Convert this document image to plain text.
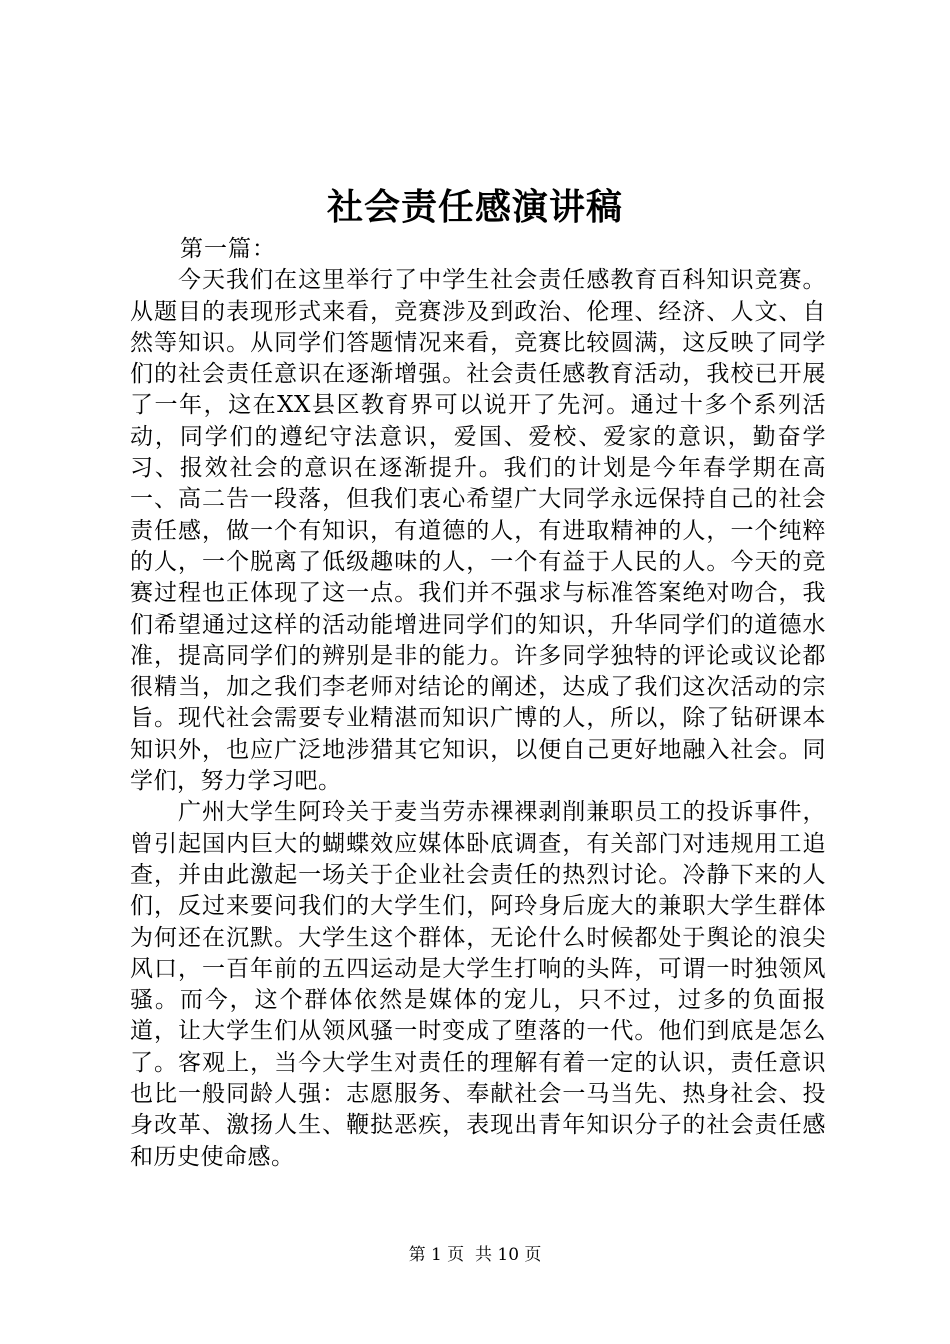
社会责任感演讲稿

第一篇：

今天我们在这里举行了中学生社会责任感教育百科知识竞赛。从题目的表现形式来看，竞赛涉及到政治、伦理、经济、人文、自然等知识。从同学们答题情况来看，竞赛比较圆满，这反映了同学们的社会责任意识在逐渐增强。社会责任感教育活动，我校已开展了一年，这在XX县区教育界可以说开了先河。通过十多个系列活动，同学们的遵纪守法意识，爱国、爱校、爱家的意识，勤奋学习、报效社会的意识在逐渐提升。我们的计划是今年春学期在高一、高二告一段落，但我们衷心希望广大同学永远保持自己的社会责任感，做一个有知识，有道德的人，有进取精神的人，一个纯粹的人，一个脱离了低级趣味的人，一个有益于人民的人。今天的竞赛过程也正体现了这一点。我们并不强求与标准答案绝对吻合，我们希望通过这样的活动能增进同学们的知识，升华同学们的道德水准，提高同学们的辨别是非的能力。许多同学独特的评论或议论都很精当，加之我们李老师对结论的阐述，达成了我们这次活动的宗旨。现代社会需要专业精湛而知识广博的人，所以，除了钻研课本知识外，也应广泛地涉猎其它知识，以便自己更好地融入社会。同学们，努力学习吧。

广州大学生阿玲关于麦当劳赤裸裸剥削兼职员工的投诉事件，曾引起国内巨大的蝴蝶效应媒体卧底调查，有关部门对违规用工追查，并由此激起一场关于企业社会责任的热烈讨论。冷静下来的人们，反过来要问我们的大学生们，阿玲身后庞大的兼职大学生群体为何还在沉默。大学生这个群体，无论什么时候都处于舆论的浪尖风口，一百年前的五四运动是大学生打响的头阵，可谓一时独领风骚。而今，这个群体依然是媒体的宠儿，只不过，过多的负面报道，让大学生们从领风骚一时变成了堕落的一代。他们到底是怎么了。客观上，当今大学生对责任的理解有着一定的认识，责任意识也比一般同龄人强：志愿服务、奉献社会一马当先、热身社会、投身改革、激扬人生、鞭挞恶疾，表现出青年知识分子的社会责任感和历史使命感。

第 1 页  共 10 页
